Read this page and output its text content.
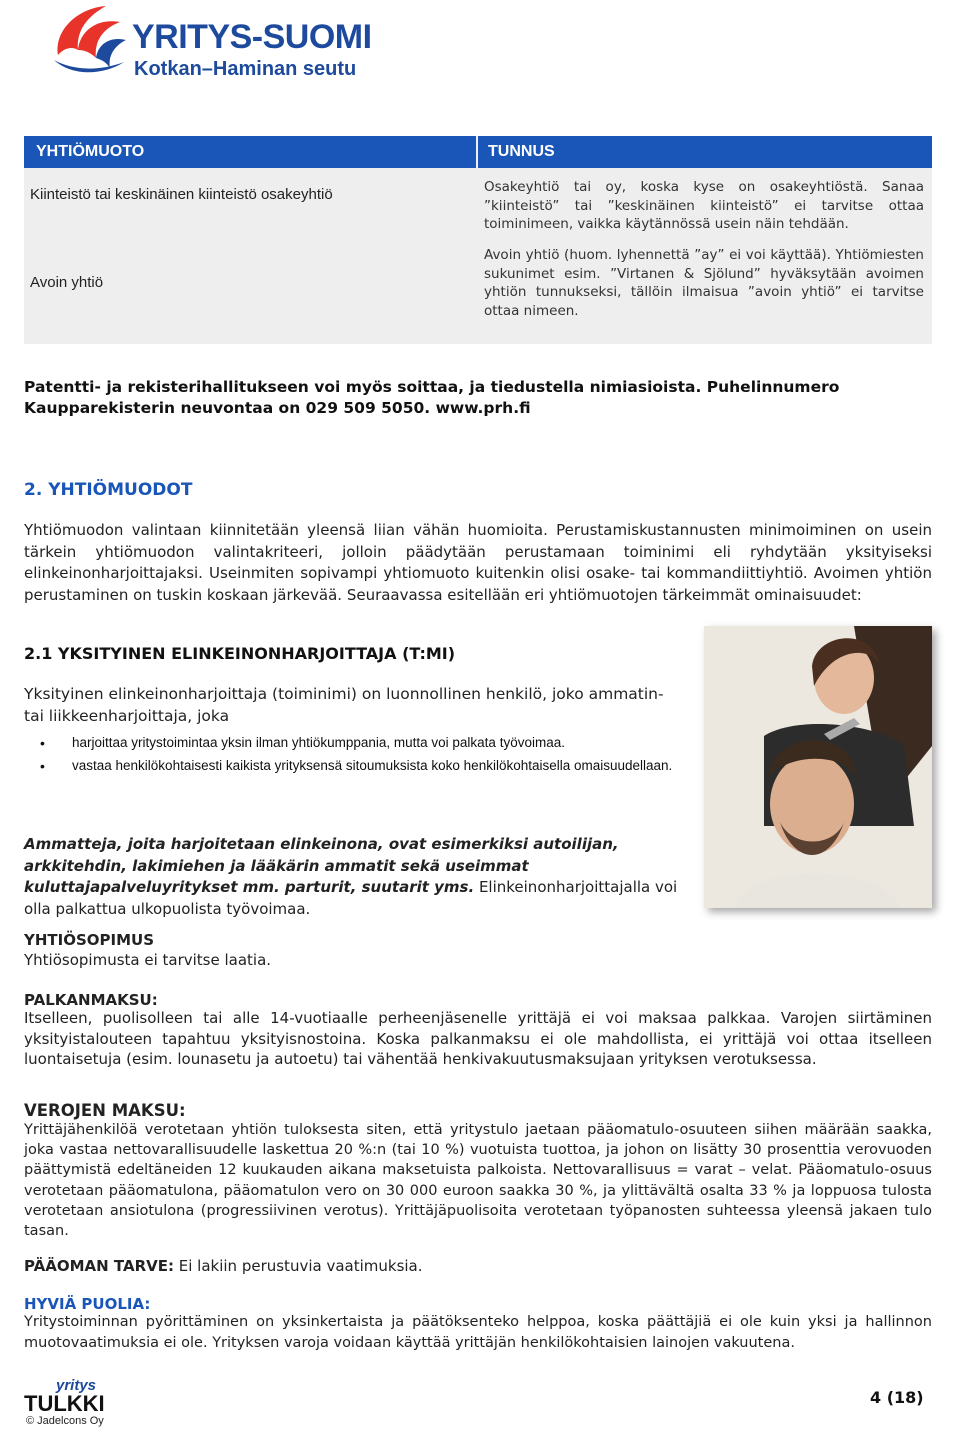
YRITYS-SUOMI
Kotkan–Haminan seutu
YHTIÖMUOTO	TUNNUS
Kiinteistö tai keskinäinen kiinteistö osakeyhtiö	Osakeyhtiö tai oy, koska kyse on osakeyhtiöstä. Sanaa ”kiinteistö” tai ”keskinäinen kiinteistö” ei tarvitse ottaa toiminimeen, vaikka käytännössä usein näin tehdään.
Avoin yhtiö
Avoin yhtiö (huom. lyhennettä ”ay” ei voi käyttää). Yhtiömiesten sukunimet esim. ”Virtanen & Sjölund” hyväksytään avoimen yhtiön tunnukseksi, tällöin ilmaisua ”avoin yhtiö” ei tarvitse ottaa nimeen.
Patentti- ja rekisterihallitukseen voi myös soittaa, ja tiedustella nimiasioista. Puhelinnumero Kaupparekisterin neuvontaa on 029 509 5050. www.prh.fi
2. YHTIÖMUODOT
Yhtiömuodon valintaan kiinnitetään yleensä liian vähän huomioita. Perustamiskustannusten minimoiminen on usein tärkein yhtiömuodon valintakriteeri, jolloin päädytään perustamaan toiminimi eli ryhdytään yksityiseksi elinkeinonharjoittajaksi. Useinmiten sopivampi yhtiomuoto kuitenkin olisi osake- tai kommandiittiyhtiö. Avoimen yhtiön perustaminen on tuskin koskaan järkevää. Seuraavassa esitellään eri yhtiömuotojen tärkeimmät ominaisuudet:
2.1 YKSITYINEN ELINKEINONHARJOITTAJA (T:MI)
Yksityinen elinkeinonharjoittaja (toiminimi) on luonnollinen henkilö, joko ammatin- tai liikkeenharjoittaja, joka
• harjoittaa yritystoimintaa yksin ilman yhtiökumppania, mutta voi palkata työvoimaa.
• vastaa henkilökohtaisesti kaikista yrityksensä sitoumuksista koko henkilökohtaisella omaisuudellaan.
Ammatteja, joita harjoitetaan elinkeinona, ovat esimerkiksi autoilijan, arkkitehdin, lakimiehen ja lääkärin ammatit sekä useimmat kuluttajapalveluyritykset mm. parturit, suutarit yms. Elinkeinonharjoittajalla voi olla palkattua ulkopuolista työvoimaa.
YHTIÖSOPIMUS
Yhtiösopimusta ei tarvitse laatia.
PALKANMAKSU:
Itselleen, puolisolleen tai alle 14-vuotiaalle perheenjäsenelle yrittäjä ei voi maksaa palkkaa. Varojen siirtäminen yksityistalouteen tapahtuu yksityisnostoina. Koska palkanmaksu ei ole mahdollista, ei yrittäjä voi ottaa itselleen luontaisetuja (esim. lounasetu ja autoetu) tai vähentää henkivakuutusmaksujaan yrityksen verotuksessa.
VEROJEN MAKSU:
Yrittäjähenkilöä verotetaan yhtiön tuloksesta siten, että yritystulo jaetaan pääomatulo-osuuteen siihen määrään saakka, joka vastaa nettovarallisuudelle laskettua 20 %:n (tai 10 %) vuotuista tuottoa, ja johon on lisätty 30 prosenttia verovuoden päättymistä edeltäneiden 12 kuukauden aikana maksetuista palkoista. Nettovarallisuus = varat – velat. Pääomatulo-osuus verotetaan pääomatulona, pääomatulon vero on 30 000 euroon saakka 30 %, ja ylittävältä osalta 33 % ja loppuosa tulosta verotetaan ansiotulona (progressiivinen verotus). Yrittäjäpuolisoita verotetaan työpanosten suhteessa yleensä jakaen tulo tasan.
PÄÄOMAN TARVE: Ei lakiin perustuvia vaatimuksia.
HYVIÄ PUOLIA:
Yritystoiminnan pyörittäminen on yksinkertaista ja päätöksenteko helppoa, koska päättäjiä ei ole kuin yksi ja hallinnon muotovaatimuksia ei ole. Yrityksen varoja voidaan käyttää yrittäjän henkilökohtaisien lainojen vakuutena.
yritys
TULKKI
© Jadelcons Oy
4 (18)
